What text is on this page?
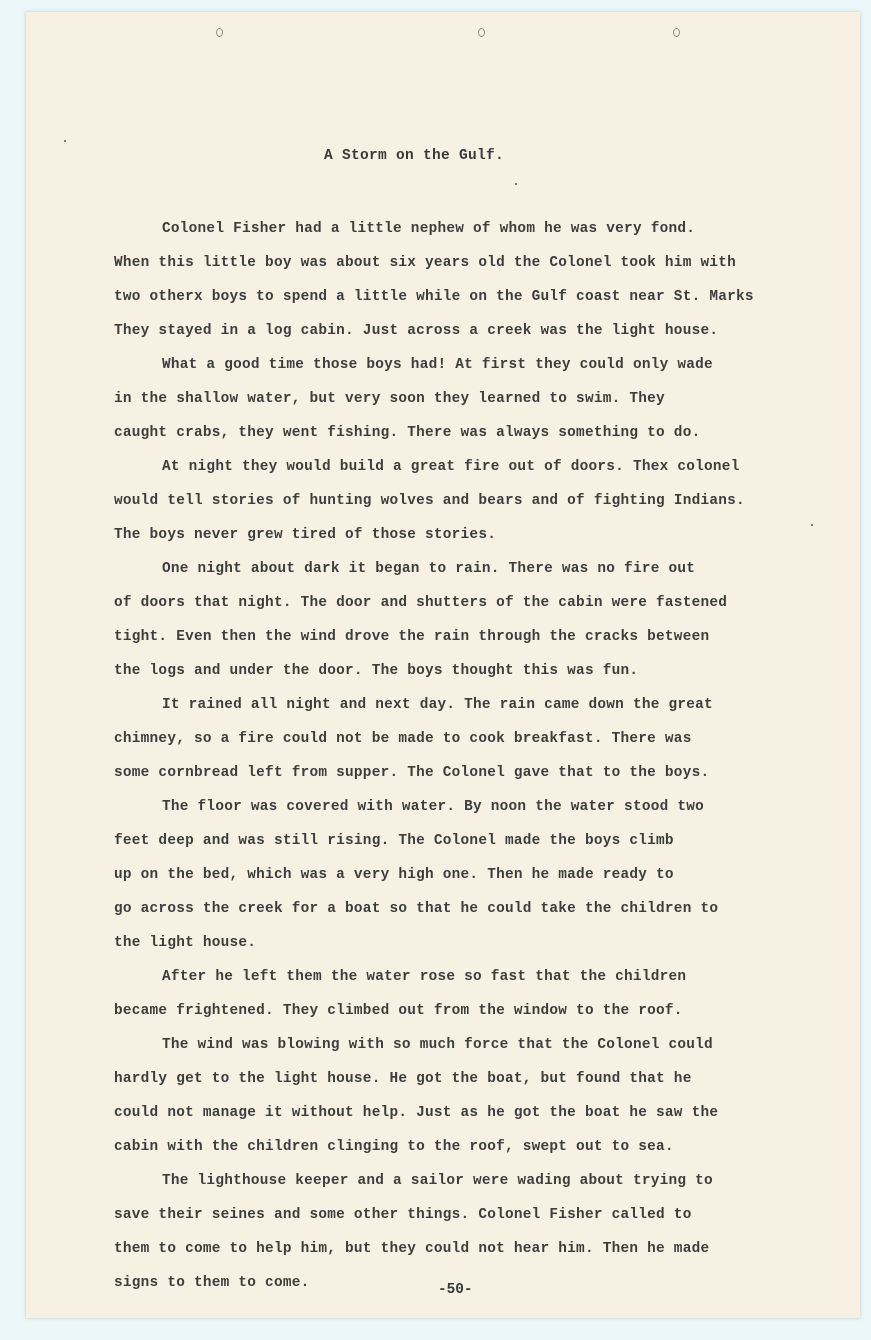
A Storm on the Gulf.
Colonel Fisher had a little nephew of whom he was very fond.
When this little boy was about six years old the Colonel took him with
two otherx boys to spend a little while on the Gulf coast near St. Marks
They stayed in a log cabin. Just across a creek was the light house.
What a good time those boys had! At first they could only wade
in the shallow water, but very soon they learned to swim. They
caught crabs, they went fishing. There was always something to do.
At night they would build a great fire out of doors. Thex colonel
would tell stories of hunting wolves and bears and of fighting Indians.
The boys never grew tired of those stories.
One night about dark it began to rain. There was no fire out
of doors that night. The door and shutters of the cabin were fastened
tight. Even then the wind drove the rain through the cracks between
the logs and under the door. The boys thought this was fun.
It rained all night and next day. The rain came down the great
chimney, so a fire could not be made to cook breakfast. There was
some cornbread left from supper. The Colonel gave that to the boys.
The floor was covered with water. By noon the water stood two
feet deep and was still rising. The Colonel made the boys climb
up on the bed, which was a very high one. Then he made ready to
go across the creek for a boat so that he could take the children to
the light house.
After he left them the water rose so fast that the children
became frightened. They climbed out from the window to the roof.
The wind was blowing with so much force that the Colonel could
hardly get to the light house. He got the boat, but found that he
could not manage it without help. Just as he got the boat he saw the
cabin with the children clinging to the roof, swept out to sea.
The lighthouse keeper and a sailor were wading about trying to
save their seines and some other things. Colonel Fisher called to
them to come to help him, but they could not hear him. Then he made
signs to them to come.	-50-
